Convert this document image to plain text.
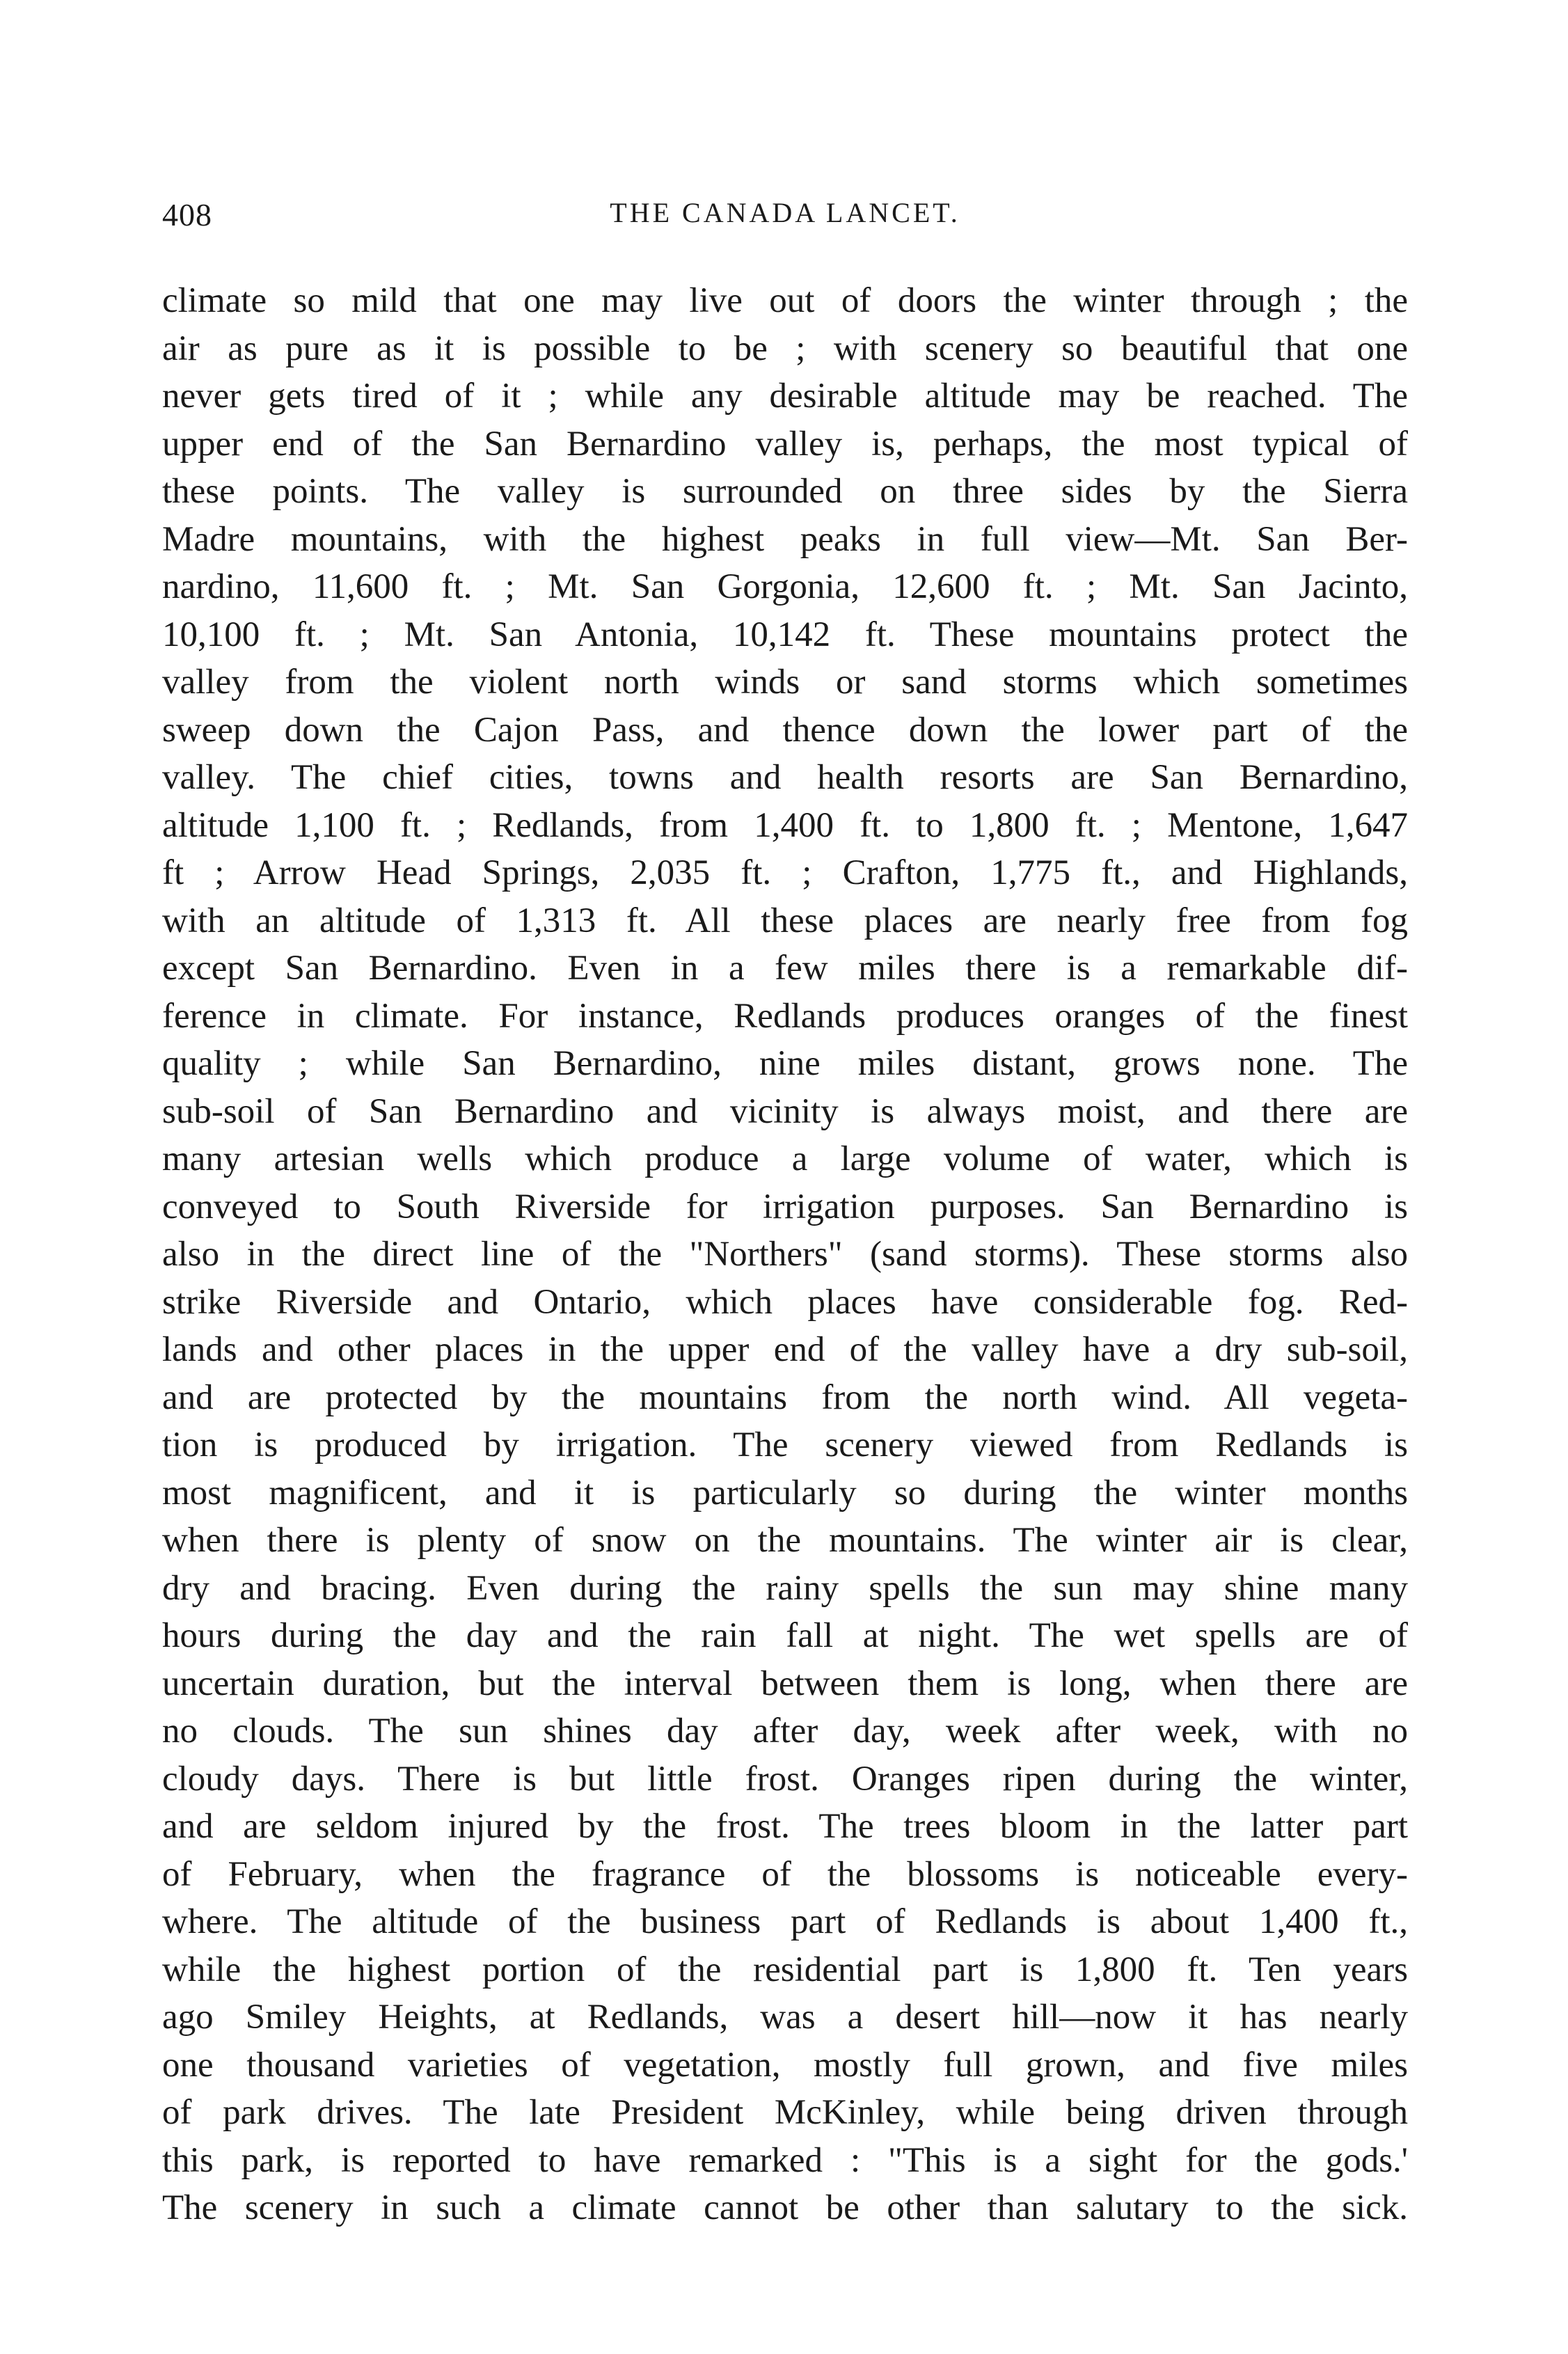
408	THE CANADA LANCET.
climate so mild that one may live out of doors the winter through ; the
air as pure as it is possible to be ; with scenery so beautiful that one
never gets tired of it ; while any desirable altitude may be reached. The
upper end of the San Bernardino valley is, perhaps, the most typical of
these points. The valley is surrounded on three sides by the Sierra
Madre mountains, with the highest peaks in full view—Mt. San Ber-
nardino, 11,600 ft. ; Mt. San Gorgonia, 12,600 ft. ; Mt. San Jacinto,
10,100 ft. ; Mt. San Antonia, 10,142 ft. These mountains protect the
valley from the violent north winds or sand storms which sometimes
sweep down the Cajon Pass, and thence down the lower part of the
valley. The chief cities, towns and health resorts are San Bernardino,
altitude 1,100 ft. ; Redlands, from 1,400 ft. to 1,800 ft. ; Mentone, 1,647
ft ; Arrow Head Springs, 2,035 ft. ; Crafton, 1,775 ft., and Highlands,
with an altitude of 1,313 ft. All these places are nearly free from fog
except San Bernardino. Even in a few miles there is a remarkable dif-
ference in climate. For instance, Redlands produces oranges of the finest
quality ; while San Bernardino, nine miles distant, grows none. The
sub-soil of San Bernardino and vicinity is always moist, and there are
many artesian wells which produce a large volume of water, which is
conveyed to South Riverside for irrigation purposes. San Bernardino is
also in the direct line of the "Northers" (sand storms). These storms also
strike Riverside and Ontario, which places have considerable fog. Red-
lands and other places in the upper end of the valley have a dry sub-soil,
and are protected by the mountains from the north wind. All vegeta-
tion is produced by irrigation. The scenery viewed from Redlands is
most magnificent, and it is particularly so during the winter months
when there is plenty of snow on the mountains. The winter air is clear,
dry and bracing. Even during the rainy spells the sun may shine many
hours during the day and the rain fall at night. The wet spells are of
uncertain duration, but the interval between them is long, when there are
no clouds. The sun shines day after day, week after week, with no
cloudy days. There is but little frost. Oranges ripen during the winter,
and are seldom injured by the frost. The trees bloom in the latter part
of February, when the fragrance of the blossoms is noticeable every-
where. The altitude of the business part of Redlands is about 1,400 ft.,
while the highest portion of the residential part is 1,800 ft. Ten years
ago Smiley Heights, at Redlands, was a desert hill—now it has nearly
one thousand varieties of vegetation, mostly full grown, and five miles
of park drives. The late President McKinley, while being driven through
this park, is reported to have remarked : "This is a sight for the gods.'
The scenery in such a climate cannot be other than salutary to the sick.
